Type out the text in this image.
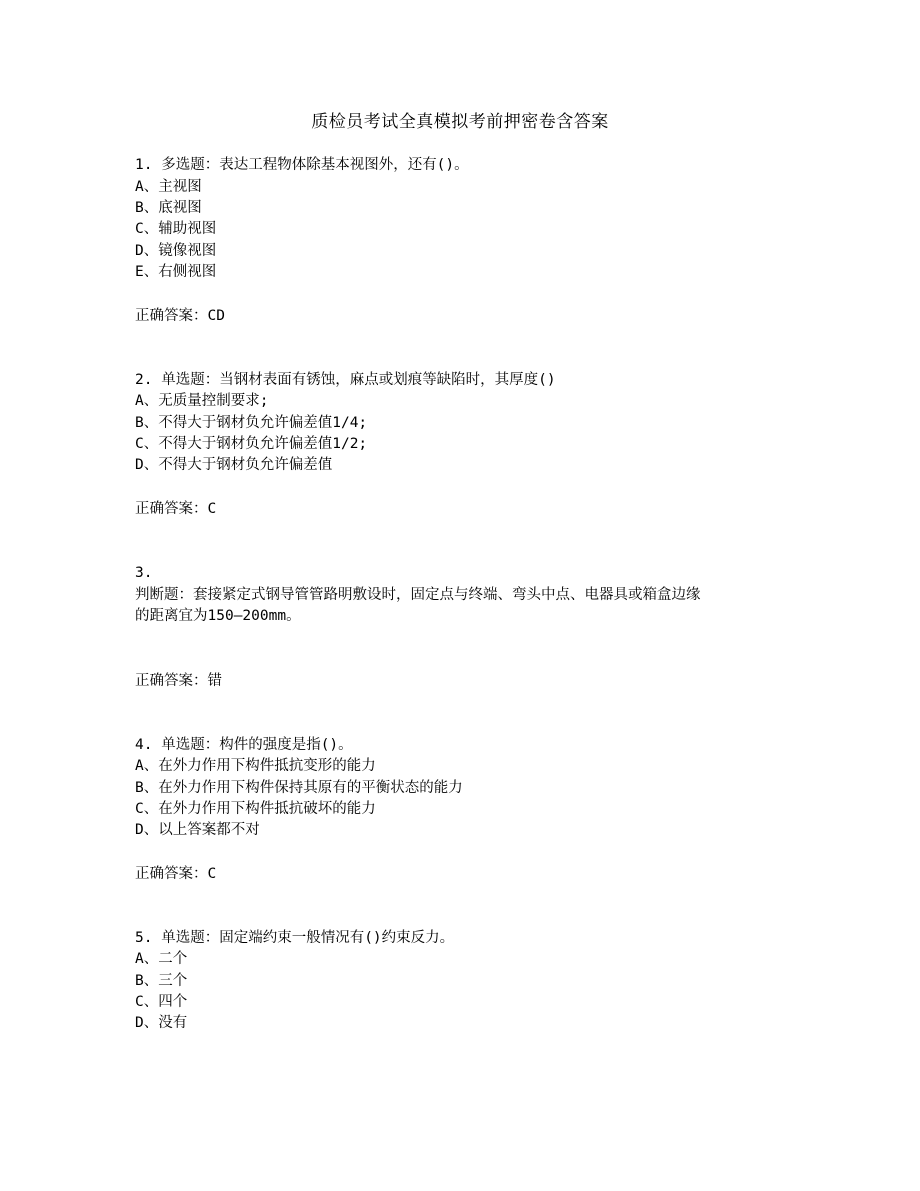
质检员考试全真模拟考前押密卷含答案
1. 多选题：表达工程物体除基本视图外，还有()。
A、主视图
B、底视图
C、辅助视图
D、镜像视图
E、右侧视图
正确答案：CD
2. 单选题：当钢材表面有锈蚀，麻点或划痕等缺陷时，其厚度()
A、无质量控制要求;
B、不得大于钢材负允许偏差值1/4;
C、不得大于钢材负允许偏差值1/2;
D、不得大于钢材负允许偏差值
正确答案：C
3.
判断题：套接紧定式钢导管管路明敷设时，固定点与终端、弯头中点、电器具或箱盒边缘
的距离宜为150—200mm。
正确答案：错
4. 单选题：构件的强度是指()。
A、在外力作用下构件抵抗变形的能力
B、在外力作用下构件保持其原有的平衡状态的能力
C、在外力作用下构件抵抗破坏的能力
D、以上答案都不对
正确答案：C
5. 单选题：固定端约束一般情况有()约束反力。
A、二个
B、三个
C、四个
D、没有
